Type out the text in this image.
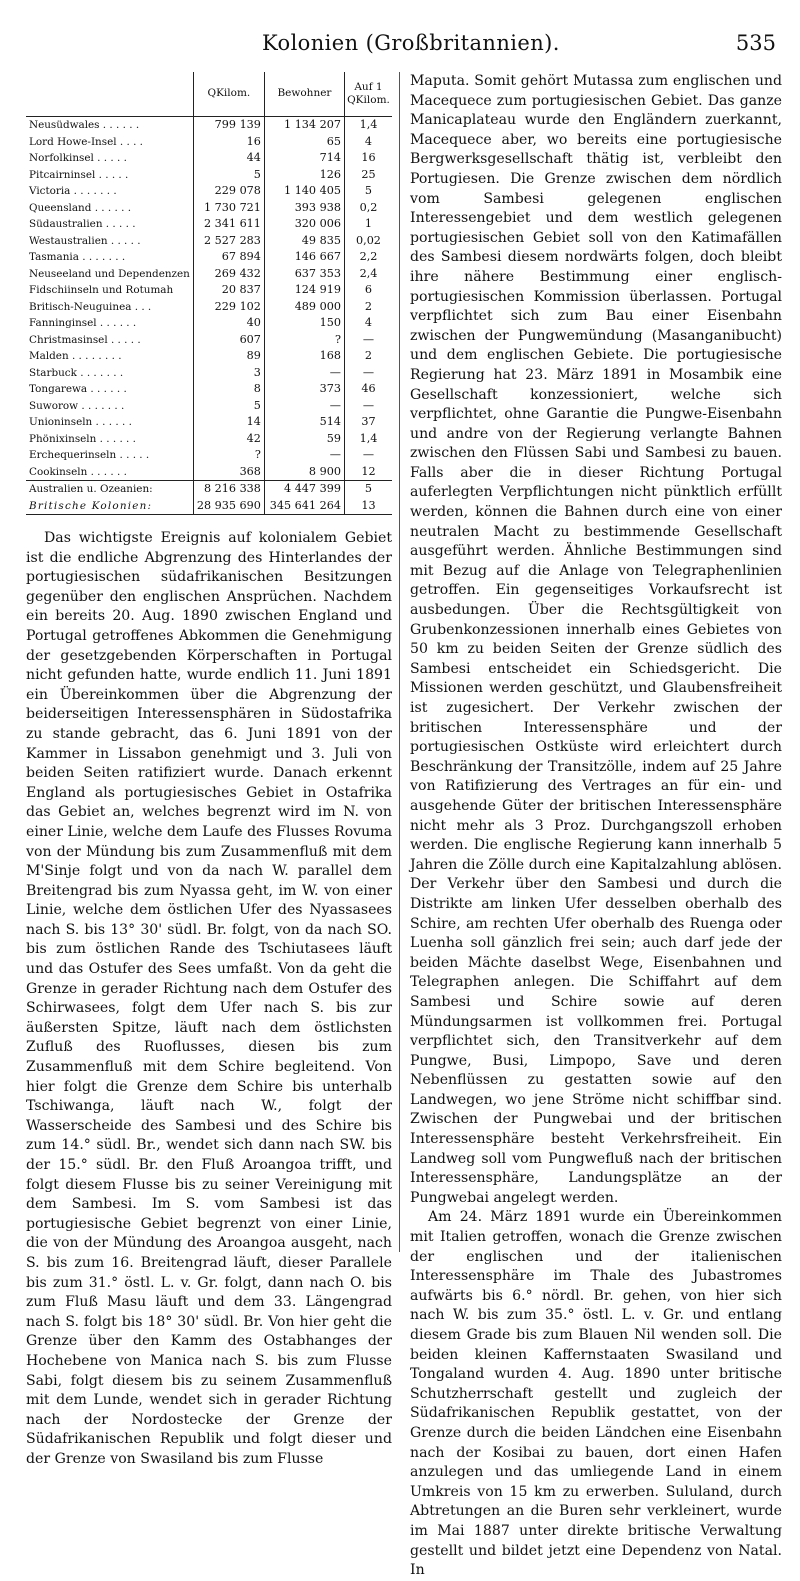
Kolonien (Großbritannien).	535
	QKilom.	Bewohner	Auf 1 QKilom.
Neusüdwales . . . . . .	799 139	1 134 207	1,4
Lord Howe-Insel . . . .	16	65	4
Norfolkinsel . . . . .	44	714	16
Pitcairninsel . . . . .	5	126	25
Victoria . . . . . . .	229 078	1 140 405	5
Queensland . . . . . .	1 730 721	393 938	0,2
Südaustralien . . . . .	2 341 611	320 006	1
Westaustralien . . . . .	2 527 283	49 835	0,02
Tasmania . . . . . . .	67 894	146 667	2,2
Neuseeland und Dependenzen	269 432	637 353	2,4
Fidschiinseln und Rotumah	20 837	124 919	6
Britisch-Neuguinea . . .	229 102	489 000	2
Fanninginsel . . . . . .	40	150	4
Christmasinsel . . . . .	607	?	—
Malden . . . . . . . .	89	168	2
Starbuck . . . . . . .	3	—	—
Tongarewa . . . . . .	8	373	46
Suworow . . . . . . .	5	—	—
Unioninseln . . . . . .	14	514	37
Phönixinseln . . . . . .	42	59	1,4
Erchequerinseln . . . . .	?	—	—
Cookinseln . . . . . .	368	8 900	12
Australien u. Ozeanien:	8 216 338	4 447 399	5
Britische Kolonien:	28 935 690	345 641 264	13

Das wichtigste Ereignis auf kolonialem Gebiet ist die endliche Abgrenzung des Hinterlandes der portugiesischen südafrikanischen Besitzungen gegenüber den englischen Ansprüchen. Nachdem ein bereits 20. Aug. 1890 zwischen England und Portugal getroffenes Abkommen die Genehmigung der gesetzgebenden Körperschaften in Portugal nicht gefunden hatte, wurde endlich 11. Juni 1891 ein Übereinkommen über die Abgrenzung der beiderseitigen Interessensphären in Südostafrika zu stande gebracht, das 6. Juni 1891 von der Kammer in Lissabon genehmigt und 3. Juli von beiden Seiten ratifiziert wurde. Danach erkennt England als portugiesisches Gebiet in Ostafrika das Gebiet an, welches begrenzt wird im N. von einer Linie, welche dem Laufe des Flusses Rovuma von der Mündung bis zum Zusammenfluß mit dem M'Sinje folgt und von da nach W. parallel dem Breitengrad bis zum Nyassa geht, im W. von einer Linie, welche dem östlichen Ufer des Nyassasees nach S. bis 13° 30' südl. Br. folgt, von da nach SO. bis zum östlichen Rande des Tschiutasees läuft und das Ostufer des Sees umfaßt. Von da geht die Grenze in gerader Richtung nach dem Ostufer des Schirwasees, folgt dem Ufer nach S. bis zur äußersten Spitze, läuft nach dem östlichsten Zufluß des Ruoflusses, diesen bis zum Zusammenfluß mit dem Schire begleitend. Von hier folgt die Grenze dem Schire bis unterhalb Tschiwanga, läuft nach W., folgt der Wasserscheide des Sambesi und des Schire bis zum 14.° südl. Br., wendet sich dann nach SW. bis der 15.° südl. Br. den Fluß Aroangoa trifft, und folgt diesem Flusse bis zu seiner Vereinigung mit dem Sambesi. Im S. vom Sambesi ist das portugiesische Gebiet begrenzt von einer Linie, die von der Mündung des Aroangoa ausgeht, nach S. bis zum 16. Breitengrad läuft, dieser Parallele bis zum 31.° östl. L. v. Gr. folgt, dann nach O. bis zum Fluß Masu läuft und dem 33. Längengrad nach S. folgt bis 18° 30' südl. Br. Von hier geht die Grenze über den Kamm des Ostabhanges der Hochebene von Manica nach S. bis zum Flusse Sabi, folgt diesem bis zu seinem Zusammenfluß mit dem Lunde, wendet sich in gerader Richtung nach der Nordostecke der Grenze der Südafrikanischen Republik und folgt dieser und der Grenze von Swasiland bis zum Flusse

Maputa. Somit gehört Mutassa zum englischen und Macequece zum portugiesischen Gebiet. Das ganze Manicaplateau wurde den Engländern zuerkannt, Macequece aber, wo bereits eine portugiesische Bergwerksgesellschaft thätig ist, verbleibt den Portugiesen. Die Grenze zwischen dem nördlich vom Sambesi gelegenen englischen Interessengebiet und dem westlich gelegenen portugiesischen Gebiet soll von den Katimafällen des Sambesi diesem nordwärts folgen, doch bleibt ihre nähere Bestimmung einer englisch-portugiesischen Kommission überlassen. Portugal verpflichtet sich zum Bau einer Eisenbahn zwischen der Pungwemündung (Masanganibucht) und dem englischen Gebiete. Die portugiesische Regierung hat 23. März 1891 in Mosambik eine Gesellschaft konzessioniert, welche sich verpflichtet, ohne Garantie die Pungwe-Eisenbahn und andre von der Regierung verlangte Bahnen zwischen den Flüssen Sabi und Sambesi zu bauen. Falls aber die in dieser Richtung Portugal auferlegten Verpflichtungen nicht pünktlich erfüllt werden, können die Bahnen durch eine von einer neutralen Macht zu bestimmende Gesellschaft ausgeführt werden. Ähnliche Bestimmungen sind mit Bezug auf die Anlage von Telegraphenlinien getroffen. Ein gegenseitiges Vorkaufsrecht ist ausbedungen. Über die Rechtsgültigkeit von Grubenkonzessionen innerhalb eines Gebietes von 50 km zu beiden Seiten der Grenze südlich des Sambesi entscheidet ein Schiedsgericht. Die Missionen werden geschützt, und Glaubensfreiheit ist zugesichert. Der Verkehr zwischen der britischen Interessensphäre und der portugiesischen Ostküste wird erleichtert durch Beschränkung der Transitzölle, indem auf 25 Jahre von Ratifizierung des Vertrages an für ein- und ausgehende Güter der britischen Interessensphäre nicht mehr als 3 Proz. Durchgangszoll erhoben werden. Die englische Regierung kann innerhalb 5 Jahren die Zölle durch eine Kapitalzahlung ablösen. Der Verkehr über den Sambesi und durch die Distrikte am linken Ufer desselben oberhalb des Schire, am rechten Ufer oberhalb des Ruenga oder Luenha soll gänzlich frei sein; auch darf jede der beiden Mächte daselbst Wege, Eisenbahnen und Telegraphen anlegen. Die Schiffahrt auf dem Sambesi und Schire sowie auf deren Mündungsarmen ist vollkommen frei. Portugal verpflichtet sich, den Transitverkehr auf dem Pungwe, Busi, Limpopo, Save und deren Nebenflüssen zu gestatten sowie auf den Landwegen, wo jene Ströme nicht schiffbar sind. Zwischen der Pungwebai und der britischen Interessensphäre besteht Verkehrsfreiheit. Ein Landweg soll vom Pungwefluß nach der britischen Interessensphäre, Landungsplätze an der Pungwebai angelegt werden.

Am 24. März 1891 wurde ein Übereinkommen mit Italien getroffen, wonach die Grenze zwischen der englischen und der italienischen Interessensphäre im Thale des Jubastromes aufwärts bis 6.° nördl. Br. gehen, von hier sich nach W. bis zum 35.° östl. L. v. Gr. und entlang diesem Grade bis zum Blauen Nil wenden soll. Die beiden kleinen Kaffernstaaten Swasiland und Tongaland wurden 4. Aug. 1890 unter britische Schutzherrschaft gestellt und zugleich der Südafrikanischen Republik gestattet, von der Grenze durch die beiden Ländchen eine Eisenbahn nach der Kosibai zu bauen, dort einen Hafen anzulegen und das umliegende Land in einem Umkreis von 15 km zu erwerben. Sululand, durch Abtretungen an die Buren sehr verkleinert, wurde im Mai 1887 unter direkte britische Verwaltung gestellt und bildet jetzt eine Dependenz von Natal. In
